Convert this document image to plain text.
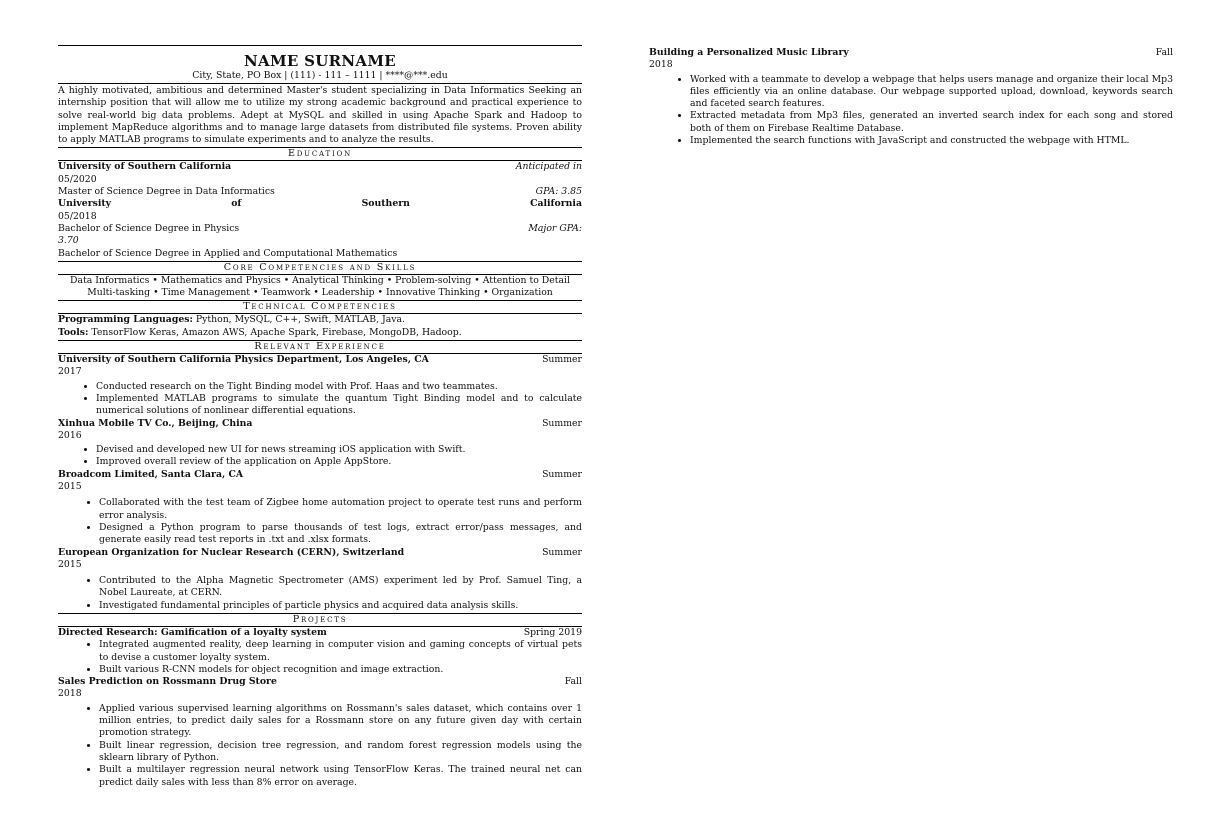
NAME SURNAME
City, State, PO Box | (111) - 111 – 1111 | ****@***.edu
A highly motivated, ambitious and determined Master's student specializing in Data Informatics Seeking an internship position that will allow me to utilize my strong academic background and practical experience to solve real-world big data problems. Adept at MySQL and skilled in using Apache Spark and Hadoop to implement MapReduce algorithms and to manage large datasets from distributed file systems. Proven ability to apply MATLAB programs to simulate experiments and to analyze the results.
Education
University of Southern California	Anticipated in
05/2020
Master of Science Degree in Data Informatics	GPA: 3.85
University	of	Southern	California
05/2018
Bachelor of Science Degree in Physics	Major GPA:
3.70
Bachelor of Science Degree in Applied and Computational Mathematics
Core Competencies and Skills
Data Informatics • Mathematics and Physics • Analytical Thinking • Problem-solving • Attention to Detail
Multi-tasking • Time Management • Teamwork • Leadership • Innovative Thinking • Organization
Technical Competencies
Programming Languages: Python, MySQL, C++, Swift, MATLAB, Java.
Tools: TensorFlow Keras, Amazon AWS, Apache Spark, Firebase, MongoDB, Hadoop.
Relevant Experience
University of Southern California Physics Department, Los Angeles, CA	Summer
2017
• Conducted research on the Tight Binding model with Prof. Haas and two teammates.
• Implemented MATLAB programs to simulate the quantum Tight Binding model and to calculate numerical solutions of nonlinear differential equations.
Xinhua Mobile TV Co., Beijing, China	Summer
2016
• Devised and developed new UI for news streaming iOS application with Swift.
• Improved overall review of the application on Apple AppStore.
Broadcom Limited, Santa Clara, CA	Summer
2015
• Collaborated with the test team of Zigbee home automation project to operate test runs and perform error analysis.
• Designed a Python program to parse thousands of test logs, extract error/pass messages, and generate easily read test reports in .txt and .xlsx formats.
European Organization for Nuclear Research (CERN), Switzerland	Summer
2015
• Contributed to the Alpha Magnetic Spectrometer (AMS) experiment led by Prof. Samuel Ting, a Nobel Laureate, at CERN.
• Investigated fundamental principles of particle physics and acquired data analysis skills.
Projects
Directed Research: Gamification of a loyalty system	Spring 2019
• Integrated augmented reality, deep learning in computer vision and gaming concepts of virtual pets to devise a customer loyalty system.
• Built various R-CNN models for object recognition and image extraction.
Sales Prediction on Rossmann Drug Store	Fall
2018
• Applied various supervised learning algorithms on Rossmann's sales dataset, which contains over 1 million entries, to predict daily sales for a Rossmann store on any future given day with certain promotion strategy.
• Built linear regression, decision tree regression, and random forest regression models using the sklearn library of Python.
• Built a multilayer regression neural network using TensorFlow Keras. The trained neural net can predict daily sales with less than 8% error on average.
Building a Personalized Music Library	Fall
2018
• Worked with a teammate to develop a webpage that helps users manage and organize their local Mp3 files efficiently via an online database. Our webpage supported upload, download, keywords search and faceted search features.
• Extracted metadata from Mp3 files, generated an inverted search index for each song and stored both of them on Firebase Realtime Database.
• Implemented the search functions with JavaScript and constructed the webpage with HTML.
